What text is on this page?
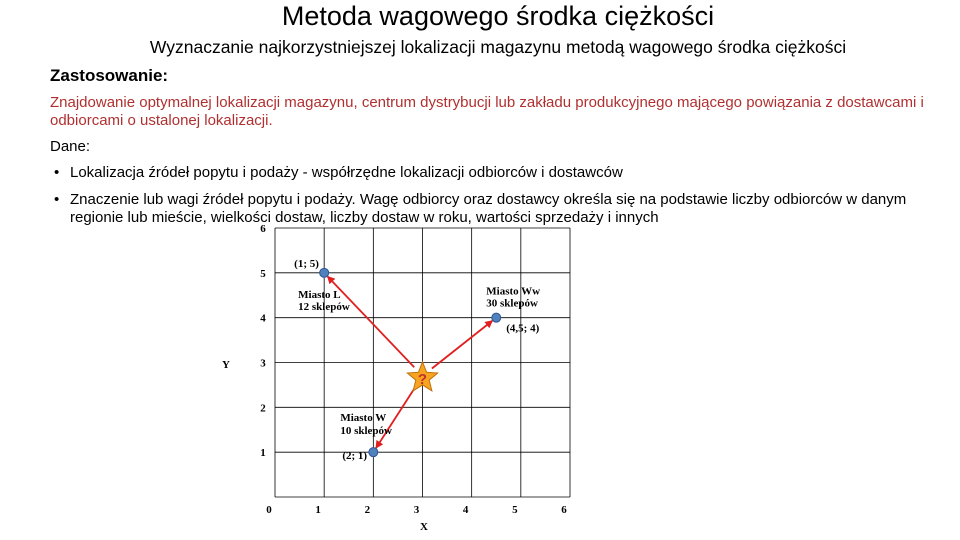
Metoda wagowego środka ciężkości
Wyznaczanie najkorzystniejszej lokalizacji magazynu metodą wagowego środka ciężkości
Zastosowanie:
Znajdowanie optymalnej lokalizacji magazynu, centrum dystrybucji lub zakładu produkcyjnego mającego powiązania z dostawcami i odbiorcami o ustalonej lokalizacji.
Dane:
• Lokalizacja źródeł popytu i podaży - współrzędne lokalizacji odbiorców i dostawców
• Znaczenie lub wagi źródeł popytu i podaży. Wagę odbiorcy oraz dostawcy określa się na podstawie liczby odbiorców w danym regionie lub mieście, wielkości dostaw, liczby dostaw w roku, wartości sprzedaży i innych
0	1	2	3	4	5	6
1
2
3
4
5
6
?
(1; 5)
Miasto L
12 sklepów
(4,5; 4)
Miasto Ww
30 sklepów
(2; 1)
Miasto W
10 sklepów
X
Y
